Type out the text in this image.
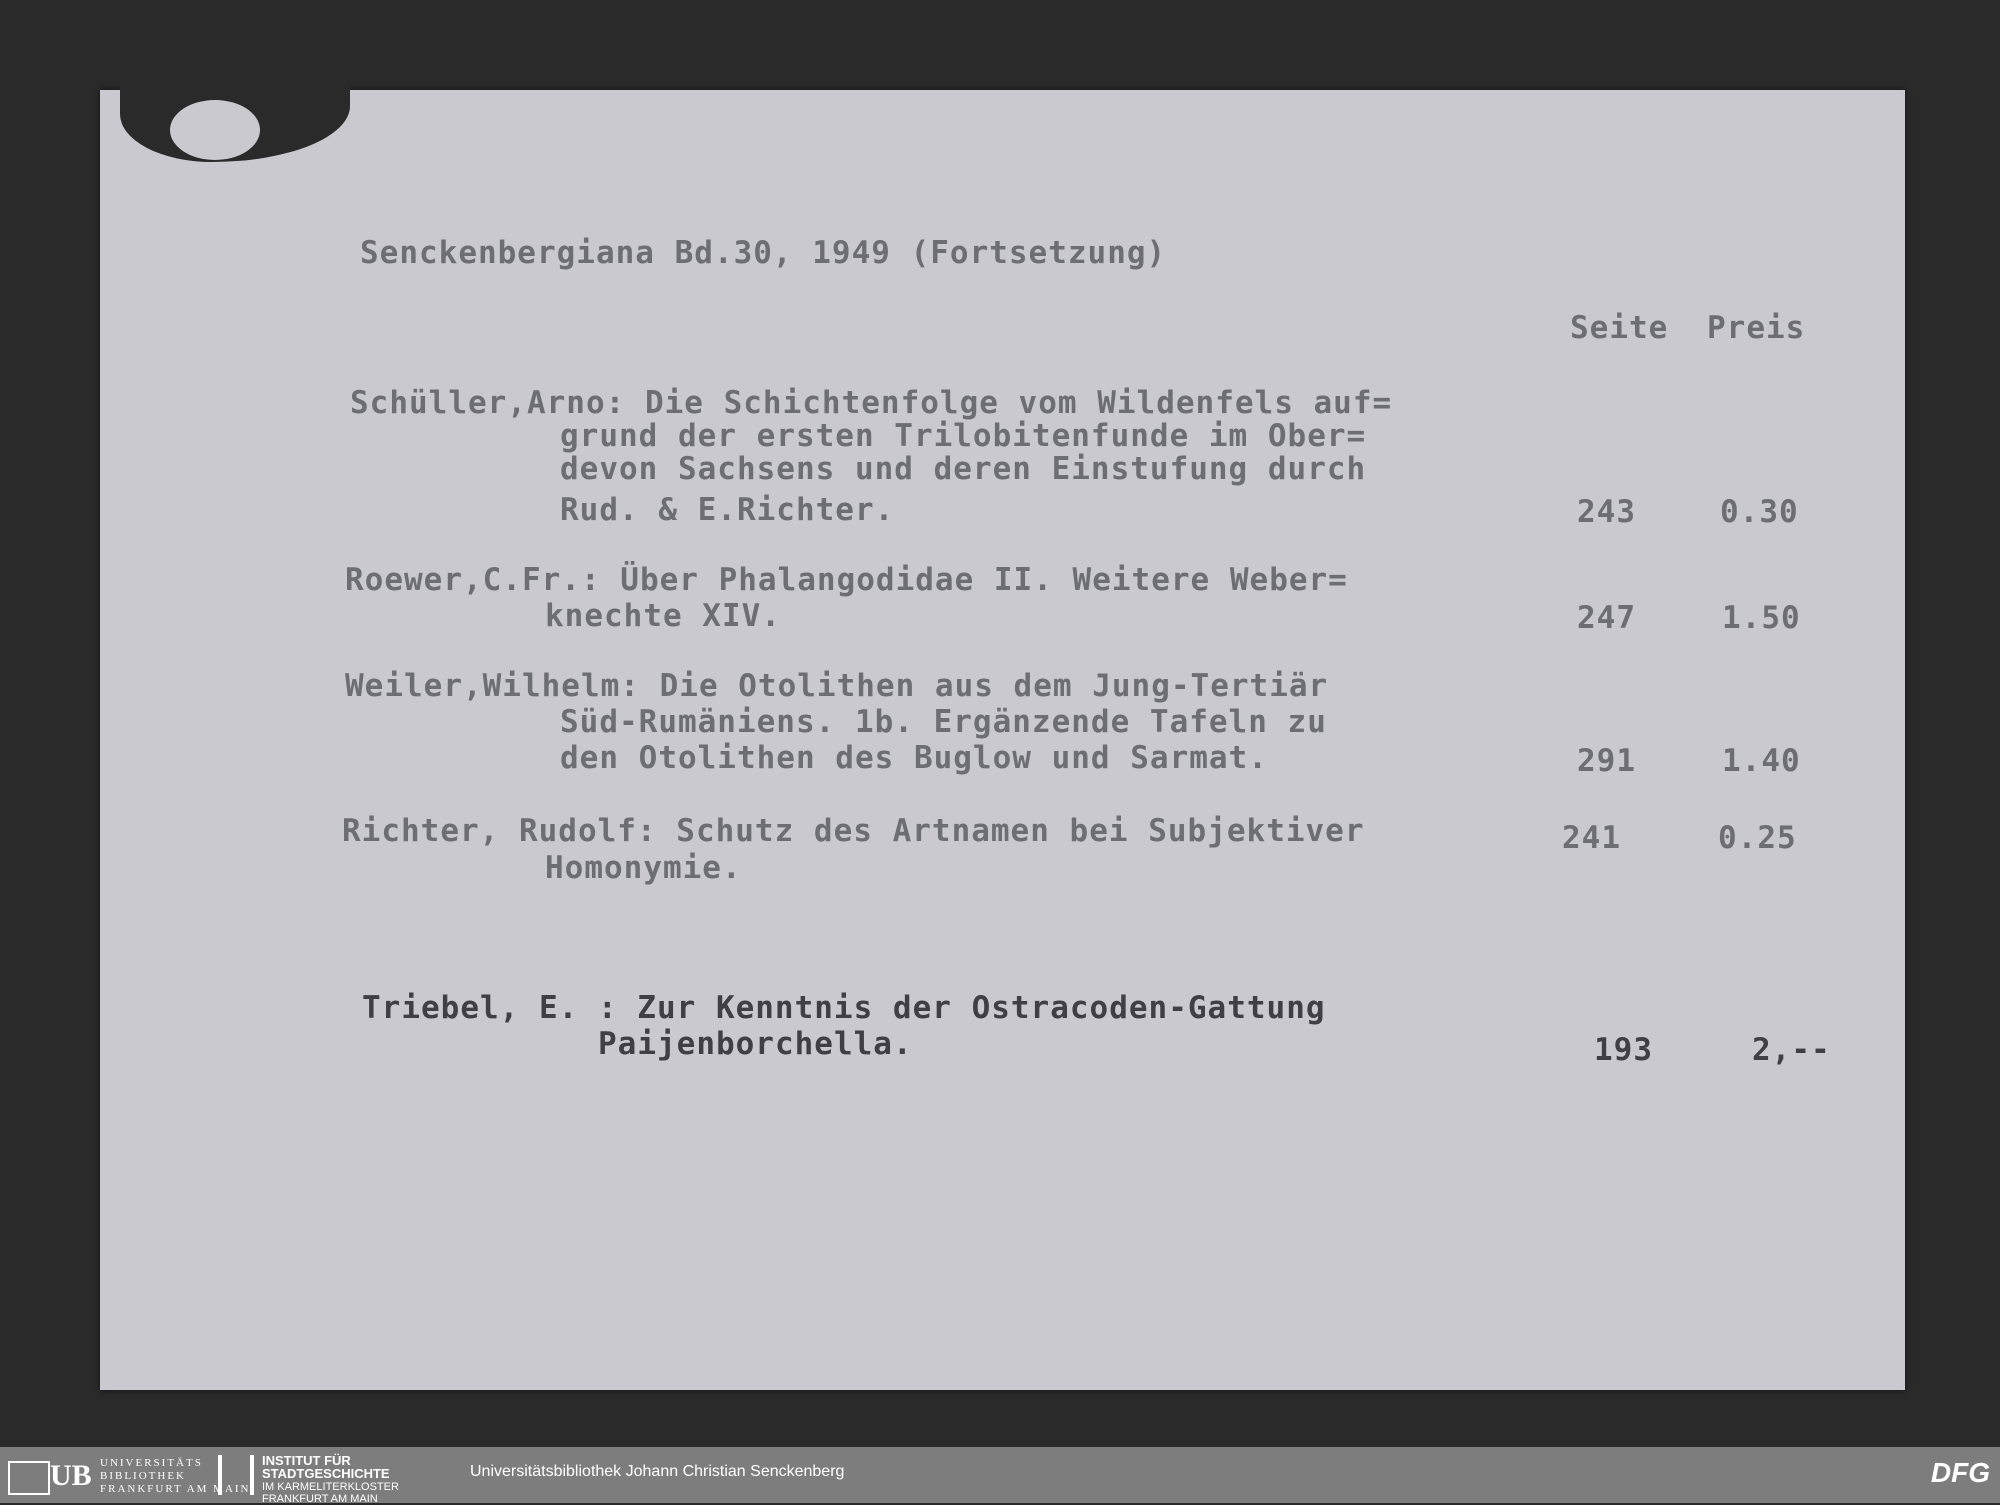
Senckenbergiana Bd.30, 1949 (Fortsetzung)
Seite Preis
Schüller,Arno: Die Schichtenfolge vom Wildenfels auf=
grund der ersten Trilobitenfunde im Ober=
devon Sachsens und deren Einstufung durch
Rud. & E.Richter.	243	0.30
Roewer,C.Fr.: Über Phalangodidae II. Weitere Weber=
knechte XIV.	247	1.50
Weiler,Wilhelm: Die Otolithen aus dem Jung-Tertiär
Süd-Rumäniens. 1b. Ergänzende Tafeln zu
den Otolithen des Buglow und Sarmat.	291	1.40
Richter, Rudolf: Schutz des Artnamen bei Subjektiver
Homonymie.
241	0.25
Triebel, E. : Zur Kenntnis der Ostracoden-Gattung
Paijenborchella.	193	2,--
UB UNIVERSITÄTS
BIBLIOTHEK
FRANKFURT AM MAIN
INSTITUT FÜR
STADTGESCHICHTE
IM KARMELITERKLOSTER
FRANKFURT AM MAIN
Universitätsbibliothek Johann Christian Senckenberg	DFG
